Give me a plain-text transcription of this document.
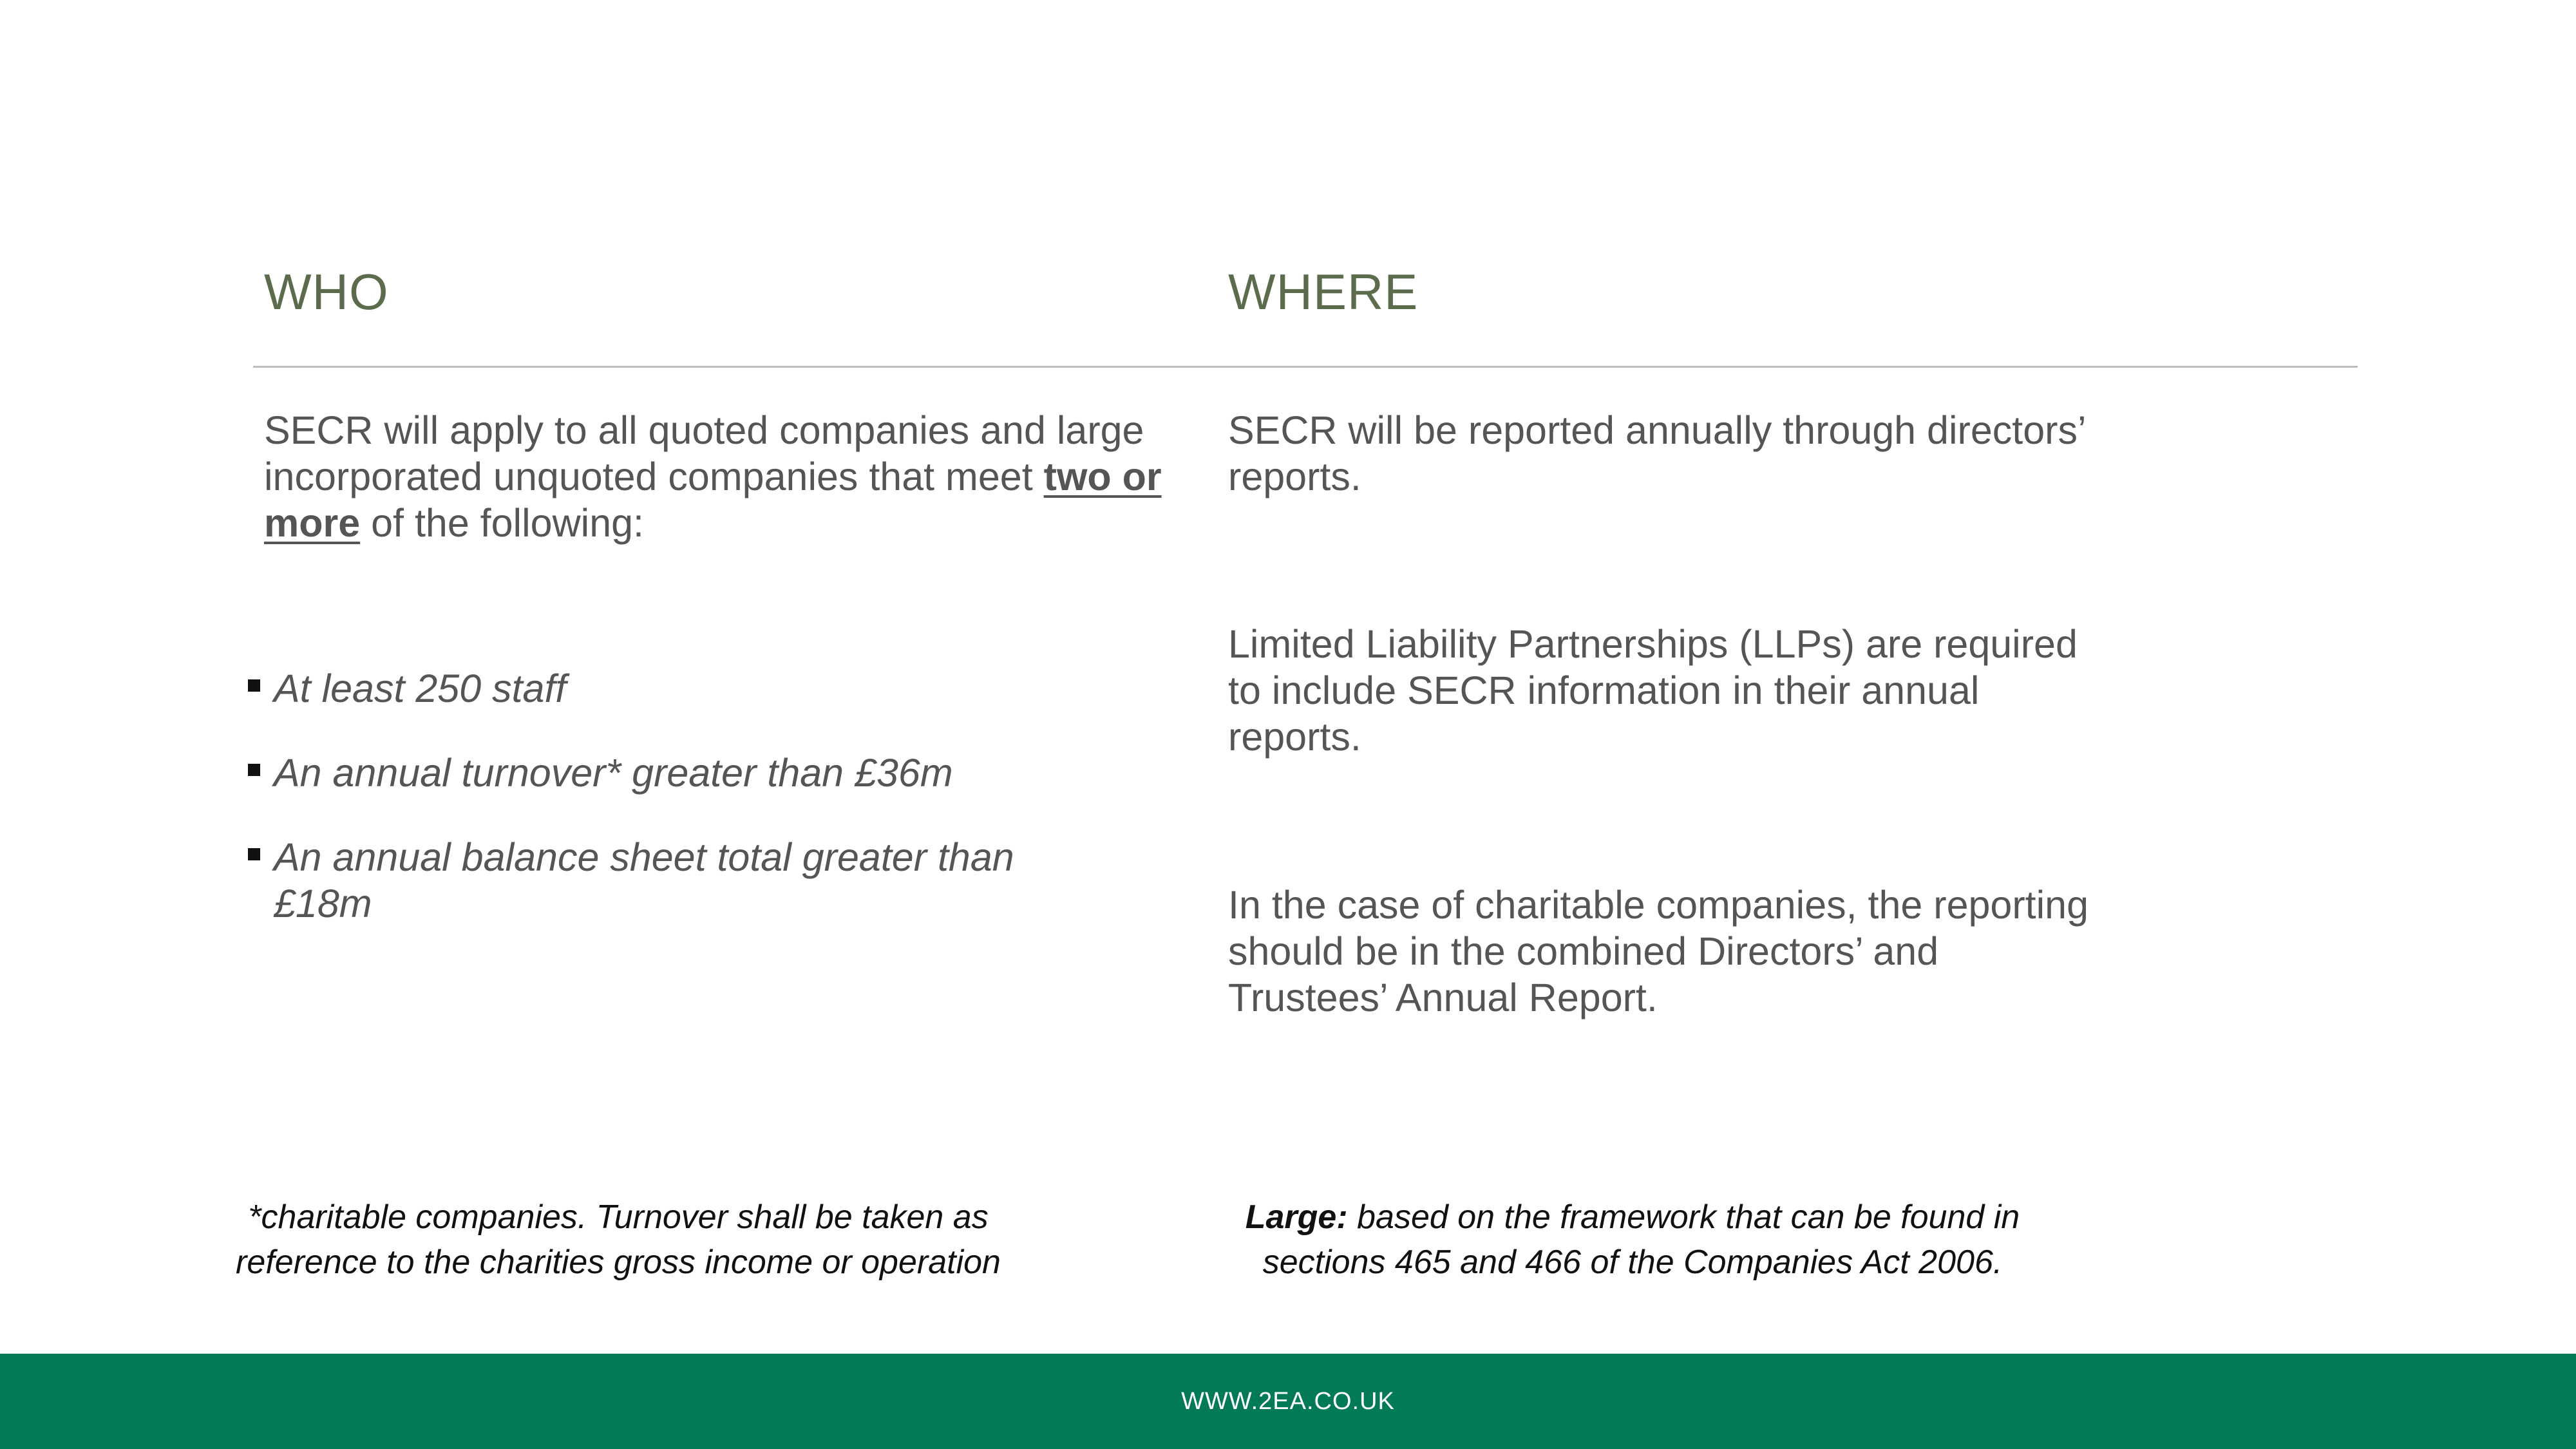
WHO	WHERE
SECR will apply to all quoted companies and large incorporated unquoted companies that meet two or more of the following:
At least 250 staff
An annual turnover* greater than £36m
An annual balance sheet total greater than £18m
SECR will be reported annually through directors’ reports.
Limited Liability Partnerships (LLPs) are required to include SECR information in their annual reports.
In the case of charitable companies, the reporting should be in the combined Directors’ and Trustees’ Annual Report.
*charitable companies. Turnover shall be taken as reference to the charities gross income or operation
Large: based on the framework that can be found in sections 465 and 466 of the Companies Act 2006.
WWW.2EA.CO.UK
